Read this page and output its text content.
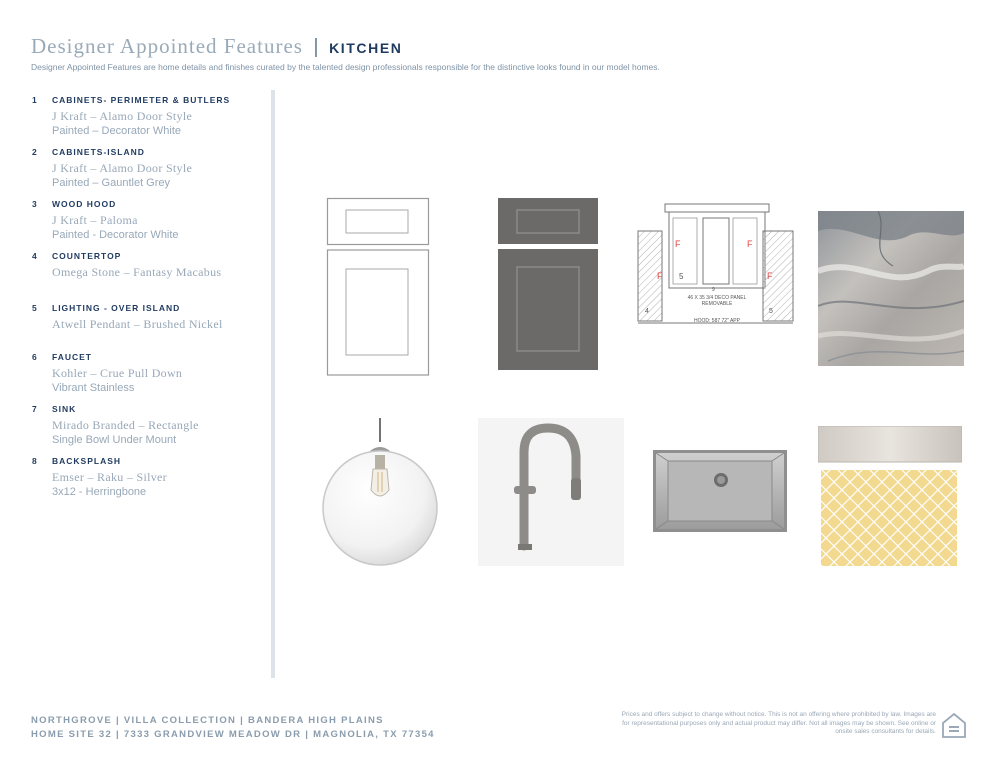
Designer Appointed Features | KITCHEN
Designer Appointed Features are home details and finishes curated by the talented design professionals responsible for the distinctive looks found in our model homes.
1 CABINETS- PERIMETER & BUTLERS
J Kraft – Alamo Door Style
Painted – Decorator White
2 CABINETS-ISLAND
J Kraft – Alamo Door Style
Painted – Gauntlet Grey
3 WOOD HOOD
J Kraft – Paloma
Painted - Decorator White
4 COUNTERTOP
Omega Stone – Fantasy Macabus
5 LIGHTING - OVER ISLAND
Atwell Pendant – Brushed Nickel
6 FAUCET
Kohler – Crue Pull Down
Vibrant Stainless
7 SINK
Mirado Branded – Rectangle
Single Bowl Under Mount
8 BACKSPLASH
Emser – Raku – Silver
3x12 - Herringbone
F	F
F	F
5
9
46 X 35 3/4 DECO PANEL
REMOVABLE
4	5
HOOD: 587 72" APP
NORTHGROVE | VILLA COLLECTION | BANDERA HIGH PLAINS
HOME SITE 32 | 7333 GRANDVIEW MEADOW DR | MAGNOLIA, TX 77354
Prices and offers subject to change without notice. This is not an offering where prohibited by law. Images are for representational purposes only and actual product may differ. Not all images may be shown. See online or onsite sales consultants for details.
